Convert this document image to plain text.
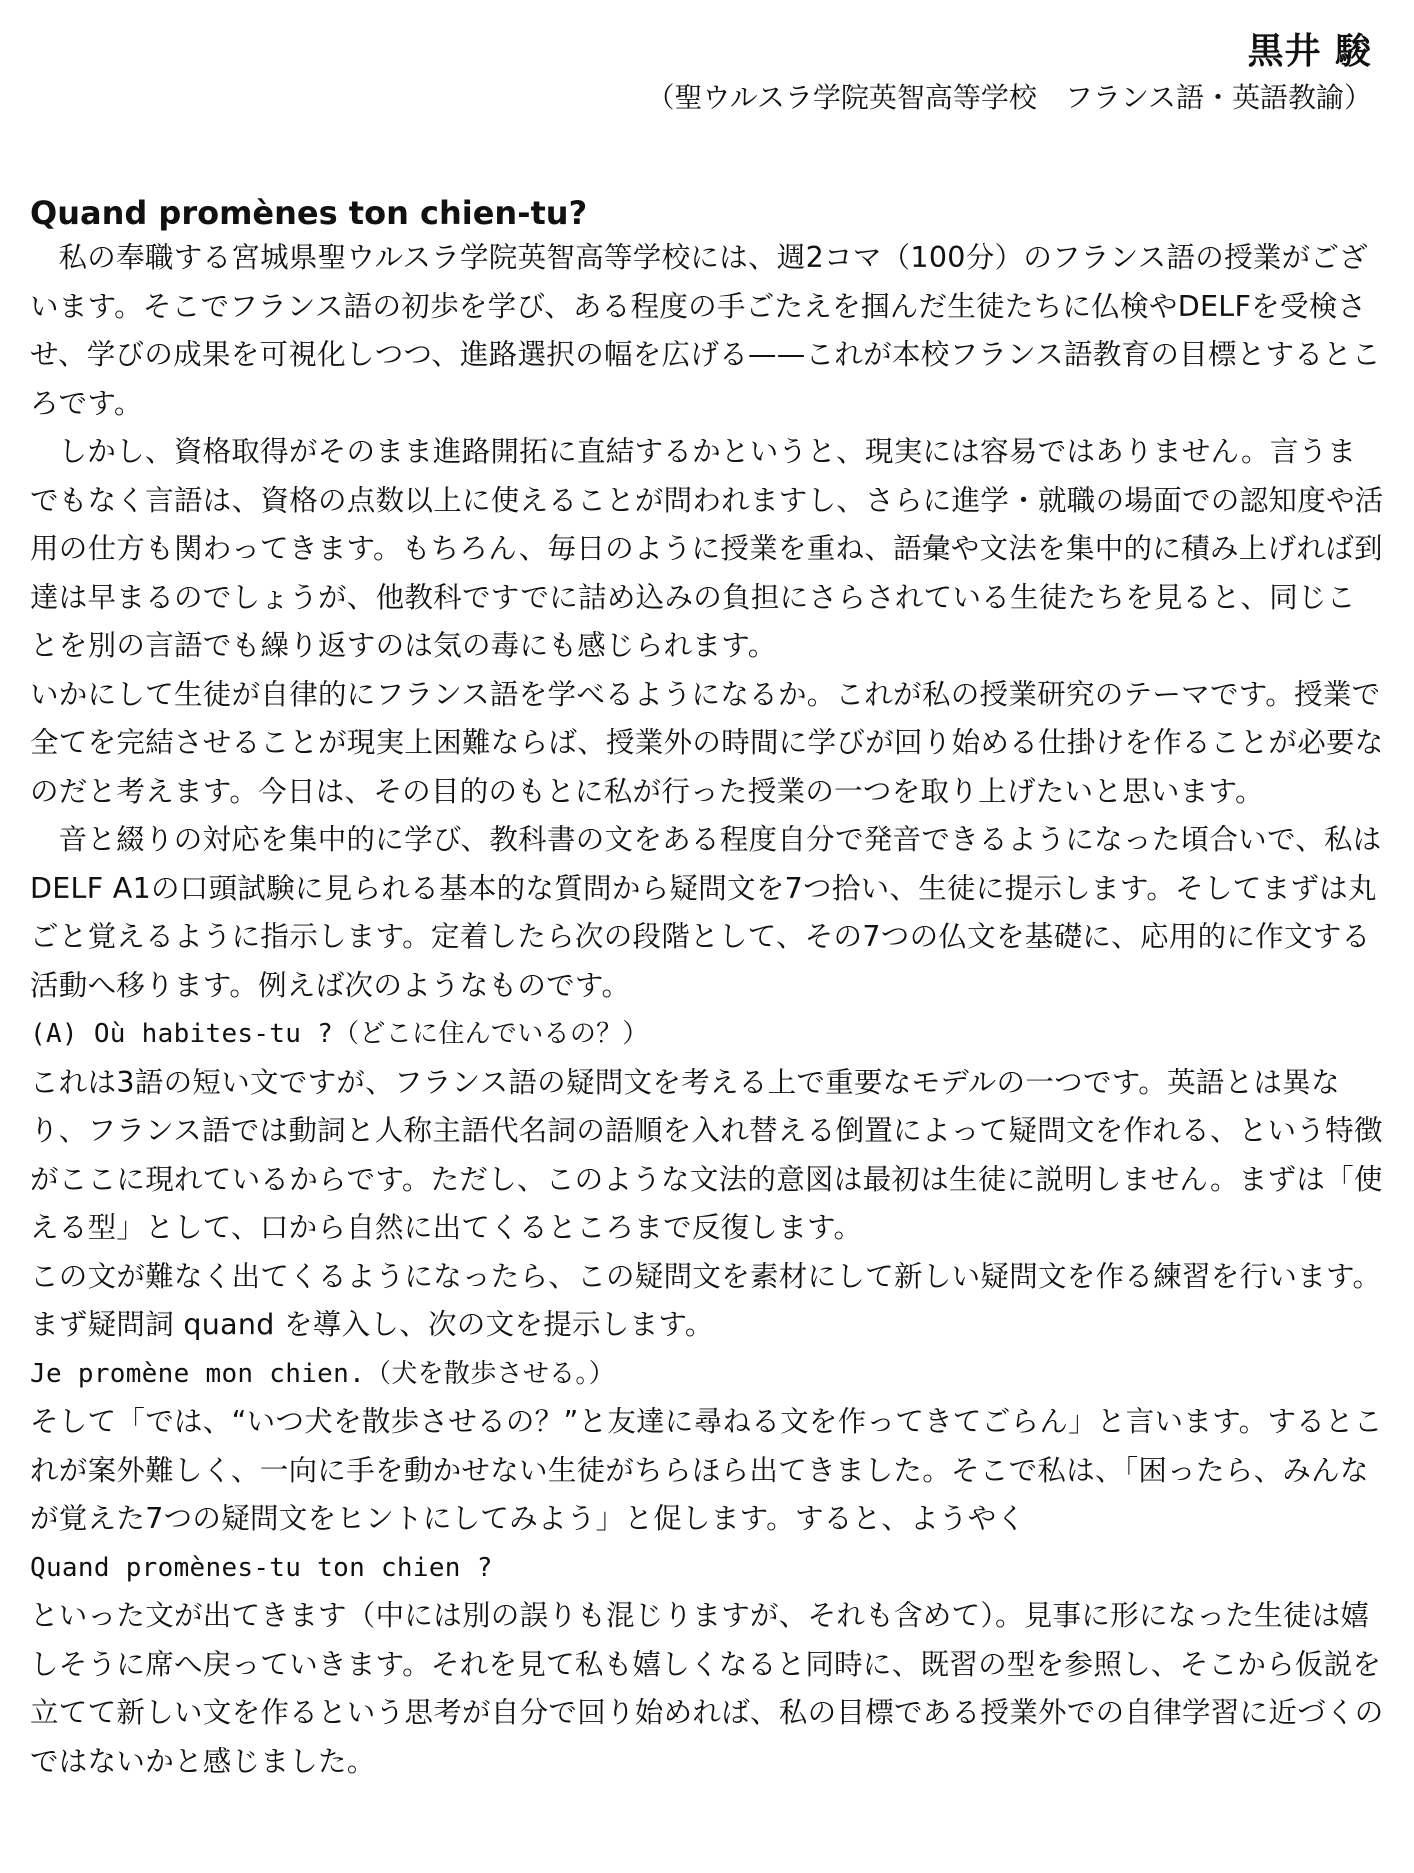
黒井 駿

（聖ウルスラ学院英智高等学校　フランス語・英語教諭）

Quand promènes ton chien-tu?

私の奉職する宮城県聖ウルスラ学院英智高等学校には、週2コマ（100分）のフランス語の授業がございます。そこでフランス語の初歩を学び、ある程度の手ごたえを掴んだ生徒たちに仏検やDELFを受検させ、学びの成果を可視化しつつ、進路選択の幅を広げる——これが本校フランス語教育の目標とするところです。

しかし、資格取得がそのまま進路開拓に直結するかというと、現実には容易ではありません。言うまでもなく言語は、資格の点数以上に使えることが問われますし、さらに進学・就職の場面での認知度や活用の仕方も関わってきます。もちろん、毎日のように授業を重ね、語彙や文法を集中的に積み上げれば到達は早まるのでしょうが、他教科ですでに詰め込みの負担にさらされている生徒たちを見ると、同じことを別の言語でも繰り返すのは気の毒にも感じられます。

いかにして生徒が自律的にフランス語を学べるようになるか。これが私の授業研究のテーマです。授業で全てを完結させることが現実上困難ならば、授業外の時間に学びが回り始める仕掛けを作ることが必要なのだと考えます。今日は、その目的のもとに私が行った授業の一つを取り上げたいと思います。

音と綴りの対応を集中的に学び、教科書の文をある程度自分で発音できるようになった頃合いで、私はDELF A1の口頭試験に見られる基本的な質問から疑問文を7つ拾い、生徒に提示します。そしてまずは丸ごと覚えるように指示します。定着したら次の段階として、その7つの仏文を基礎に、応用的に作文する活動へ移ります。例えば次のようなものです。

(A) Où habites-tu ?（どこに住んでいるの？）

これは3語の短い文ですが、フランス語の疑問文を考える上で重要なモデルの一つです。英語とは異なり、フランス語では動詞と人称主語代名詞の語順を入れ替える倒置によって疑問文を作れる、という特徴がここに現れているからです。ただし、このような文法的意図は最初は生徒に説明しません。まずは「使える型」として、口から自然に出てくるところまで反復します。

この文が難なく出てくるようになったら、この疑問文を素材にして新しい疑問文を作る練習を行います。まず疑問詞 quand を導入し、次の文を提示します。

Je promène mon chien.（犬を散歩させる。）

そして「では、“いつ犬を散歩させるの？”と友達に尋ねる文を作ってきてごらん」と言います。するとこれが案外難しく、一向に手を動かせない生徒がちらほら出てきました。そこで私は、「困ったら、みんなが覚えた7つの疑問文をヒントにしてみよう」と促します。すると、ようやく

Quand promènes-tu ton chien ?

といった文が出てきます（中には別の誤りも混じりますが、それも含めて）。見事に形になった生徒は嬉しそうに席へ戻っていきます。それを見て私も嬉しくなると同時に、既習の型を参照し、そこから仮説を立てて新しい文を作るという思考が自分で回り始めれば、私の目標である授業外での自律学習に近づくのではないかと感じました。
